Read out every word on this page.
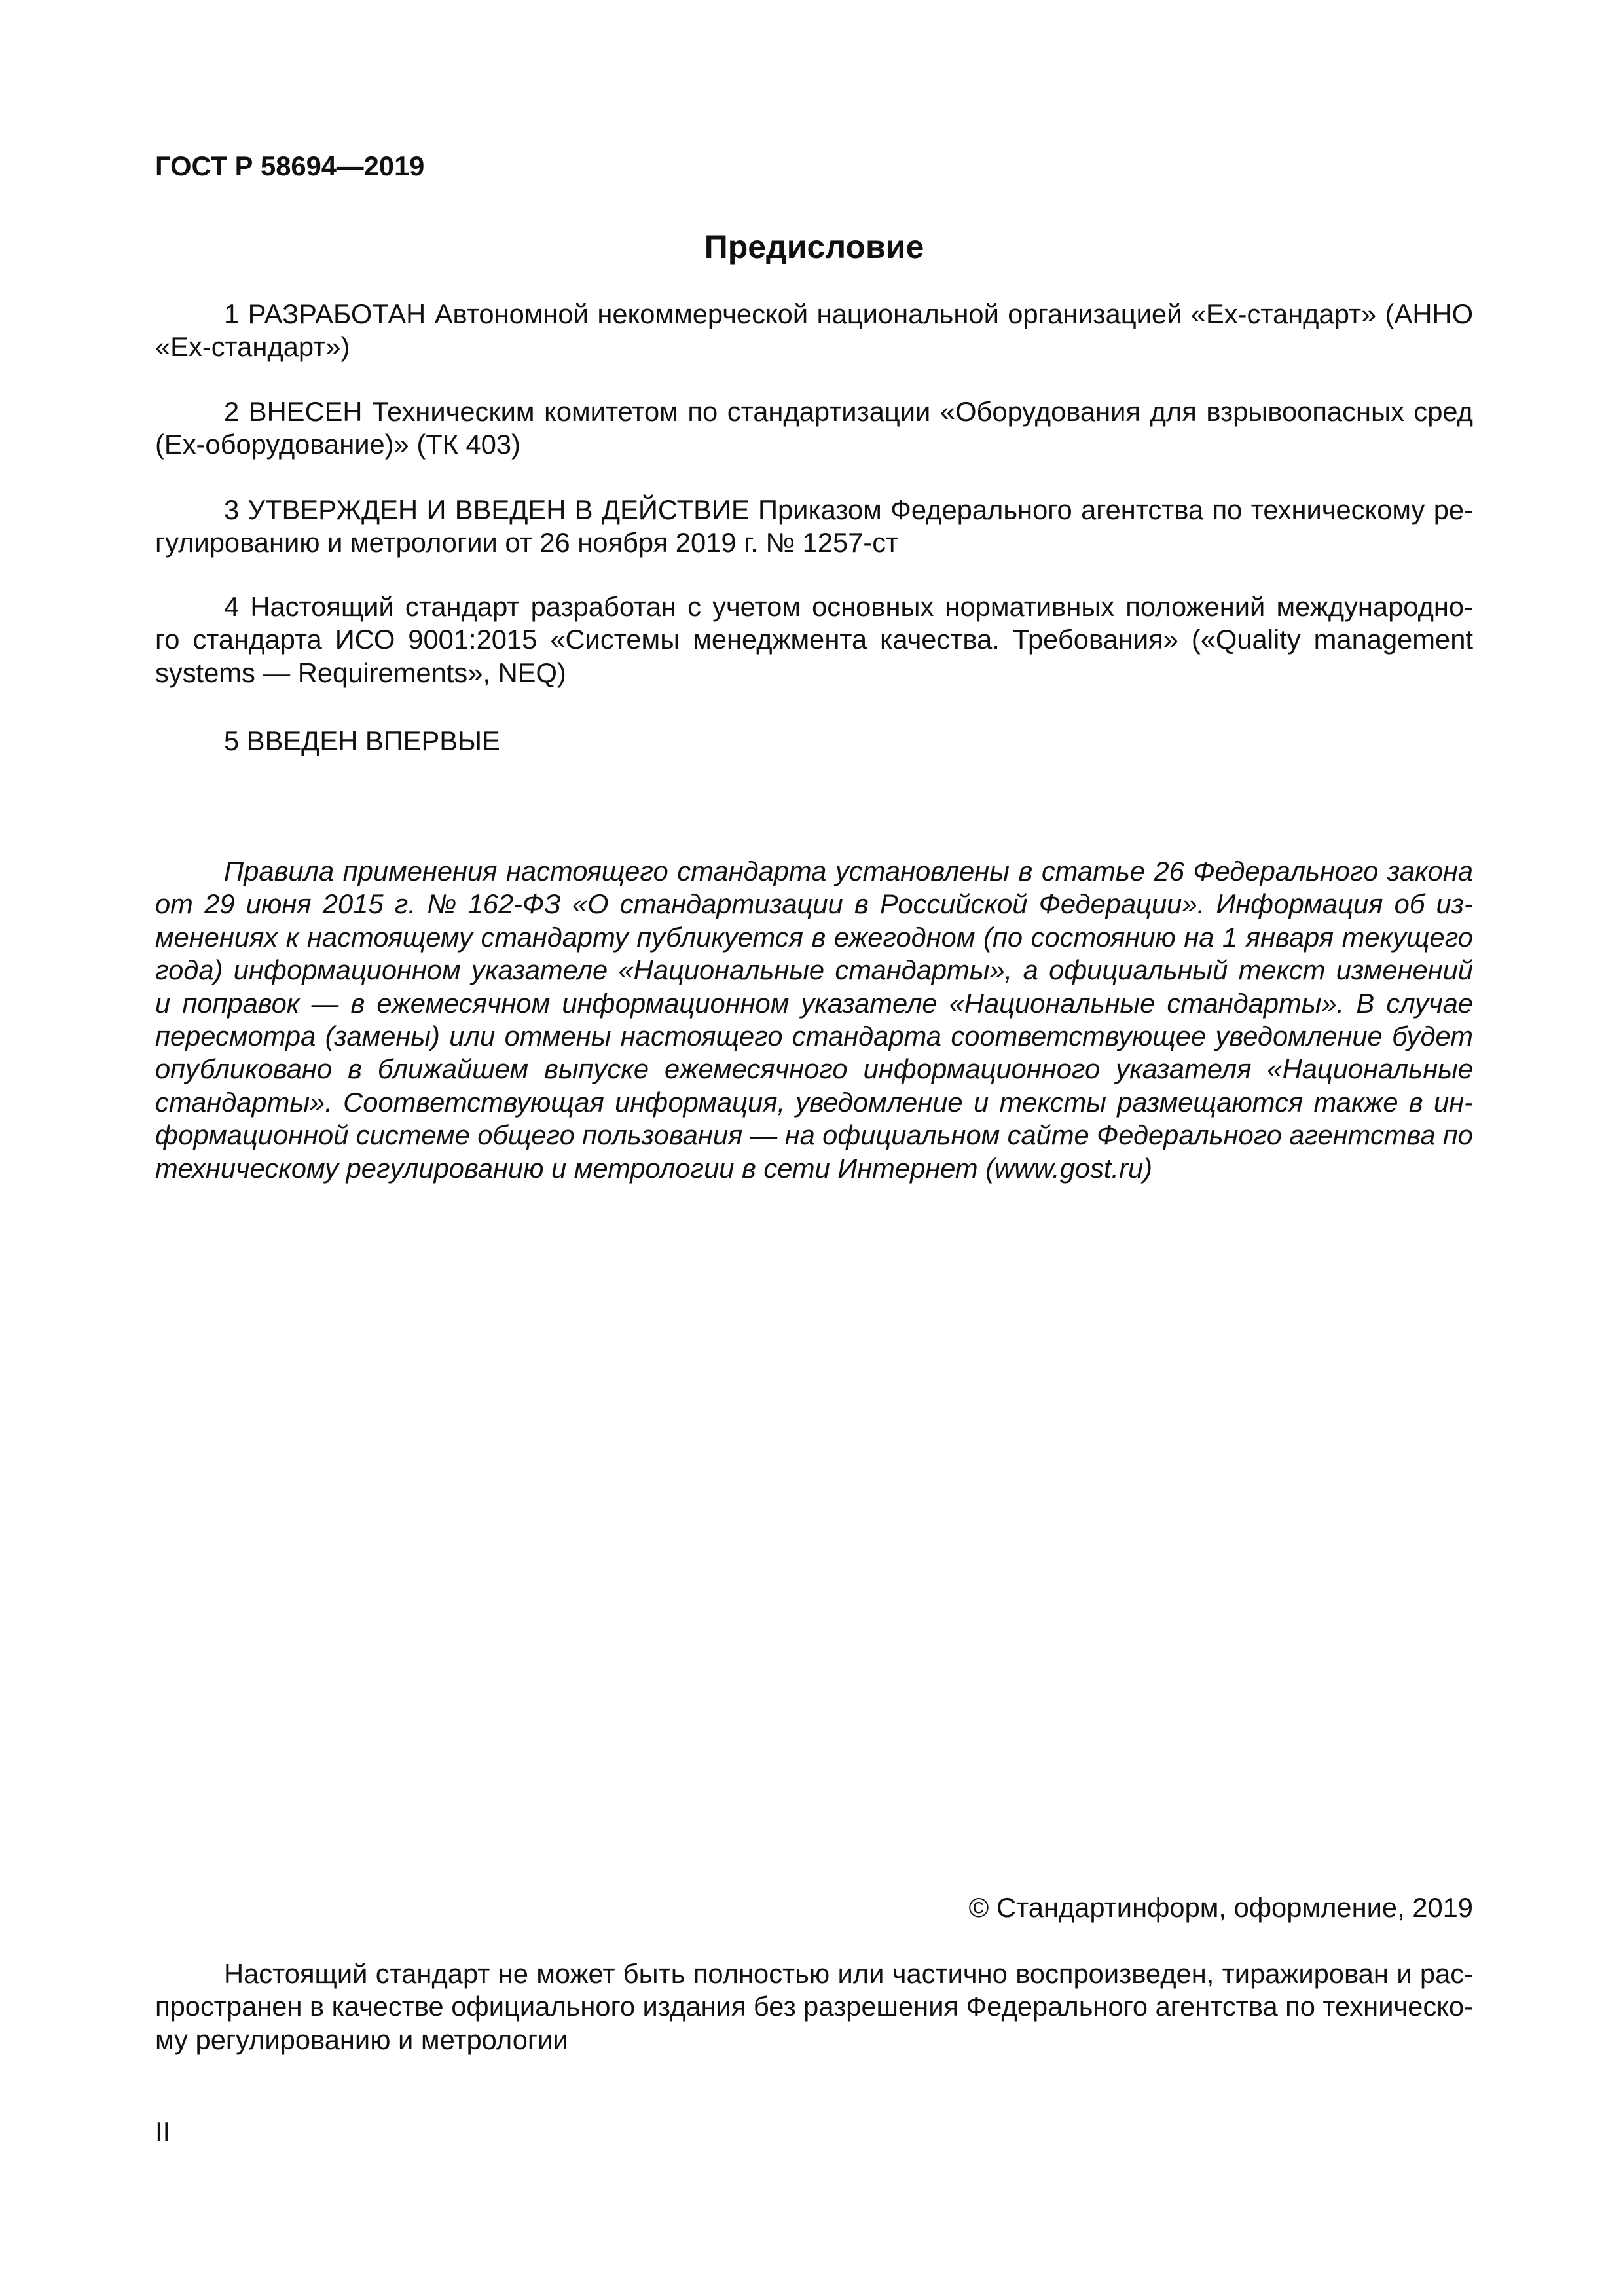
ГОСТ Р 58694—2019
Предисловие
1 РАЗРАБОТАН Автономной некоммерческой национальной организацией «Ex-стандарт» (АННО
«Ex-стандарт»)
2 ВНЕСЕН Техническим комитетом по стандартизации «Оборудования для взрывоопасных сред
(Ex-оборудование)» (ТК 403)
3 УТВЕРЖДЕН И ВВЕДЕН В ДЕЙСТВИЕ Приказом Федерального агентства по техническому ре-
гулированию и метрологии от 26 ноября 2019 г. № 1257-ст
4 Настоящий стандарт разработан с учетом основных нормативных положений международно-
го стандарта ИСО 9001:2015 «Системы менеджмента качества. Требования» («Quality management
systems — Requirements», NEQ)
5 ВВЕДЕН ВПЕРВЫЕ
Правила применения настоящего стандарта установлены в статье 26 Федерального закона
от 29 июня 2015 г. № 162-ФЗ «О стандартизации в Российской Федерации». Информация об из-
менениях к настоящему стандарту публикуется в ежегодном (по состоянию на 1 января текущего
года) информационном указателе «Национальные стандарты», а официальный текст изменений
и поправок — в ежемесячном информационном указателе «Национальные стандарты». В случае
пересмотра (замены) или отмены настоящего стандарта соответствующее уведомление будет
опубликовано в ближайшем выпуске ежемесячного информационного указателя «Национальные
стандарты». Соответствующая информация, уведомление и тексты размещаются также в ин-
формационной системе общего пользования — на официальном сайте Федерального агентства по
техническому регулированию и метрологии в сети Интернет (www.gost.ru)
© Стандартинформ, оформление, 2019
Настоящий стандарт не может быть полностью или частично воспроизведен, тиражирован и рас-
пространен в качестве официального издания без разрешения Федерального агентства по техническо-
му регулированию и метрологии
II
